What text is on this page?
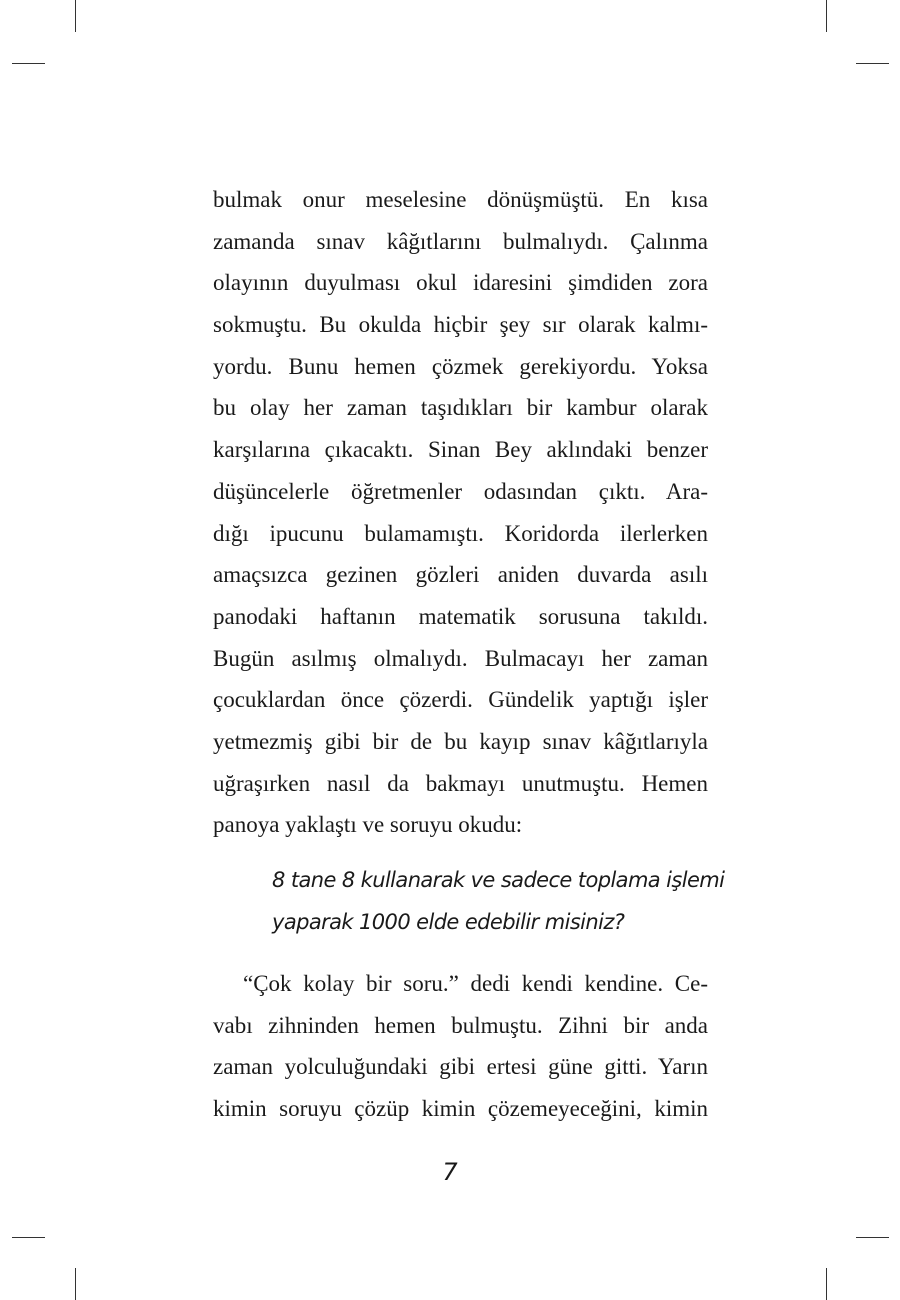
bulmak onur meselesine dönüşmüştü. En kısa
zamanda sınav kâğıtlarını bulmalıydı. Çalınma
olayının duyulması okul idaresini şimdiden zora
sokmuştu. Bu okulda hiçbir şey sır olarak kalmı-
yordu. Bunu hemen çözmek gerekiyordu. Yoksa
bu olay her zaman taşıdıkları bir kambur olarak
karşılarına çıkacaktı. Sinan Bey aklındaki benzer
düşüncelerle öğretmenler odasından çıktı. Ara-
dığı ipucunu bulamamıştı. Koridorda ilerlerken
amaçsızca gezinen gözleri aniden duvarda asılı
panodaki haftanın matematik sorusuna takıldı.
Bugün asılmış olmalıydı. Bulmacayı her zaman
çocuklardan önce çözerdi. Gündelik yaptığı işler
yetmezmiş gibi bir de bu kayıp sınav kâğıtlarıyla
uğraşırken nasıl da bakmayı unutmuştu. Hemen
panoya yaklaştı ve soruyu okudu:
8 tane 8 kullanarak ve sadece toplama işlemi
yaparak 1000 elde edebilir misiniz?
“Çok kolay bir soru.” dedi kendi kendine. Ce-
vabı zihninden hemen bulmuştu. Zihni bir anda
zaman yolculuğundaki gibi ertesi güne gitti. Yarın
kimin soruyu çözüp kimin çözemeyeceğini, kimin
7
